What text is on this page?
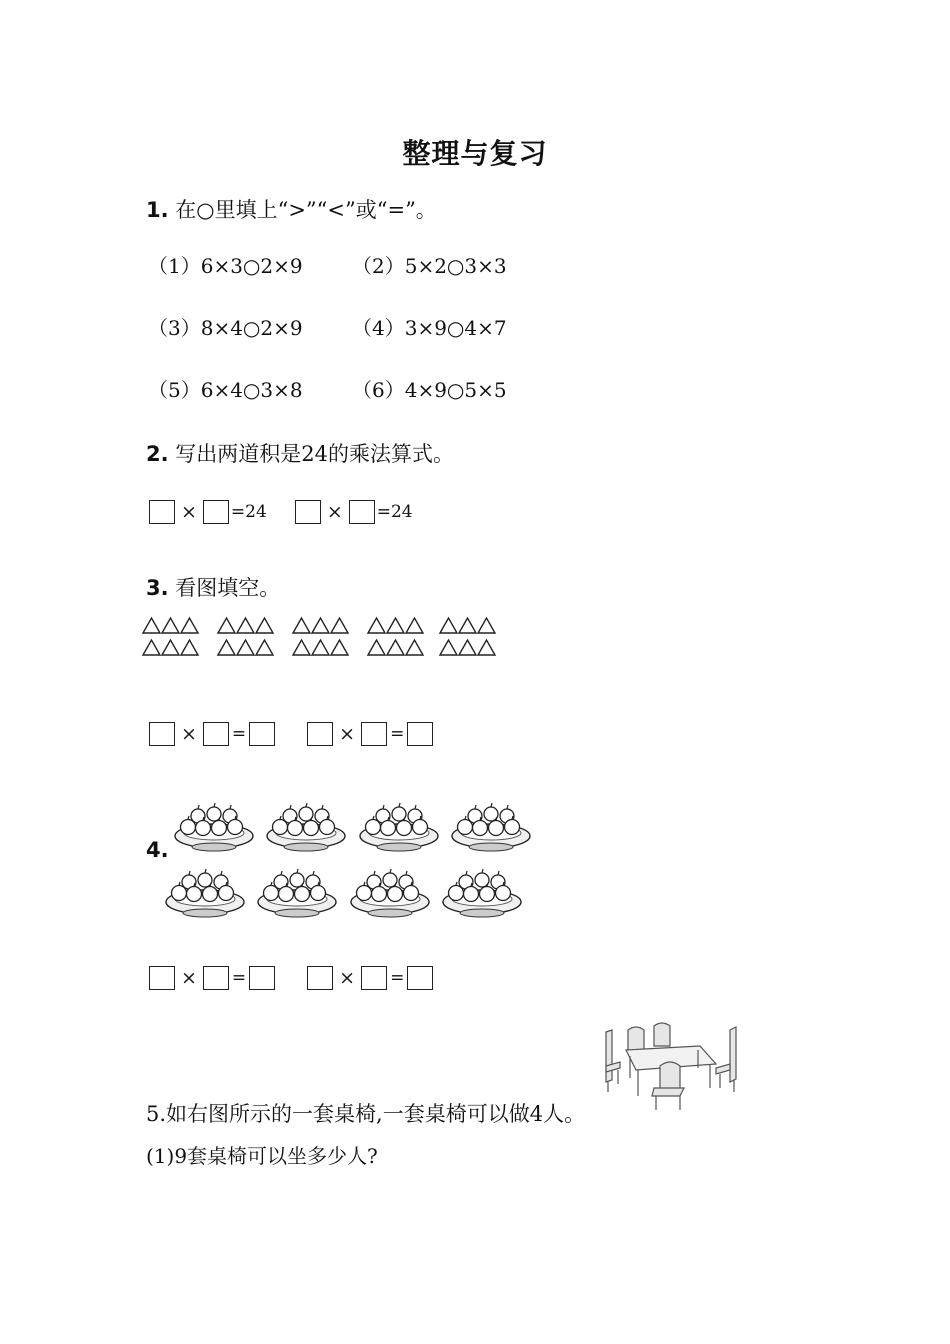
整理与复习
1. 在○里填上“>”“<”或“=”。
（1）6×3○2×9 （2）5×2○3×3
（3）8×4○2×9 （4）3×9○4×7
（5）6×4○3×8 （6）4×9○5×5
2. 写出两道积是24的乘法算式。
× =24	× =24
3. 看图填空。
× =	× =
4.
× =	× =
5.如右图所示的一套桌椅,一套桌椅可以做4人。
(1)9套桌椅可以坐多少人?
